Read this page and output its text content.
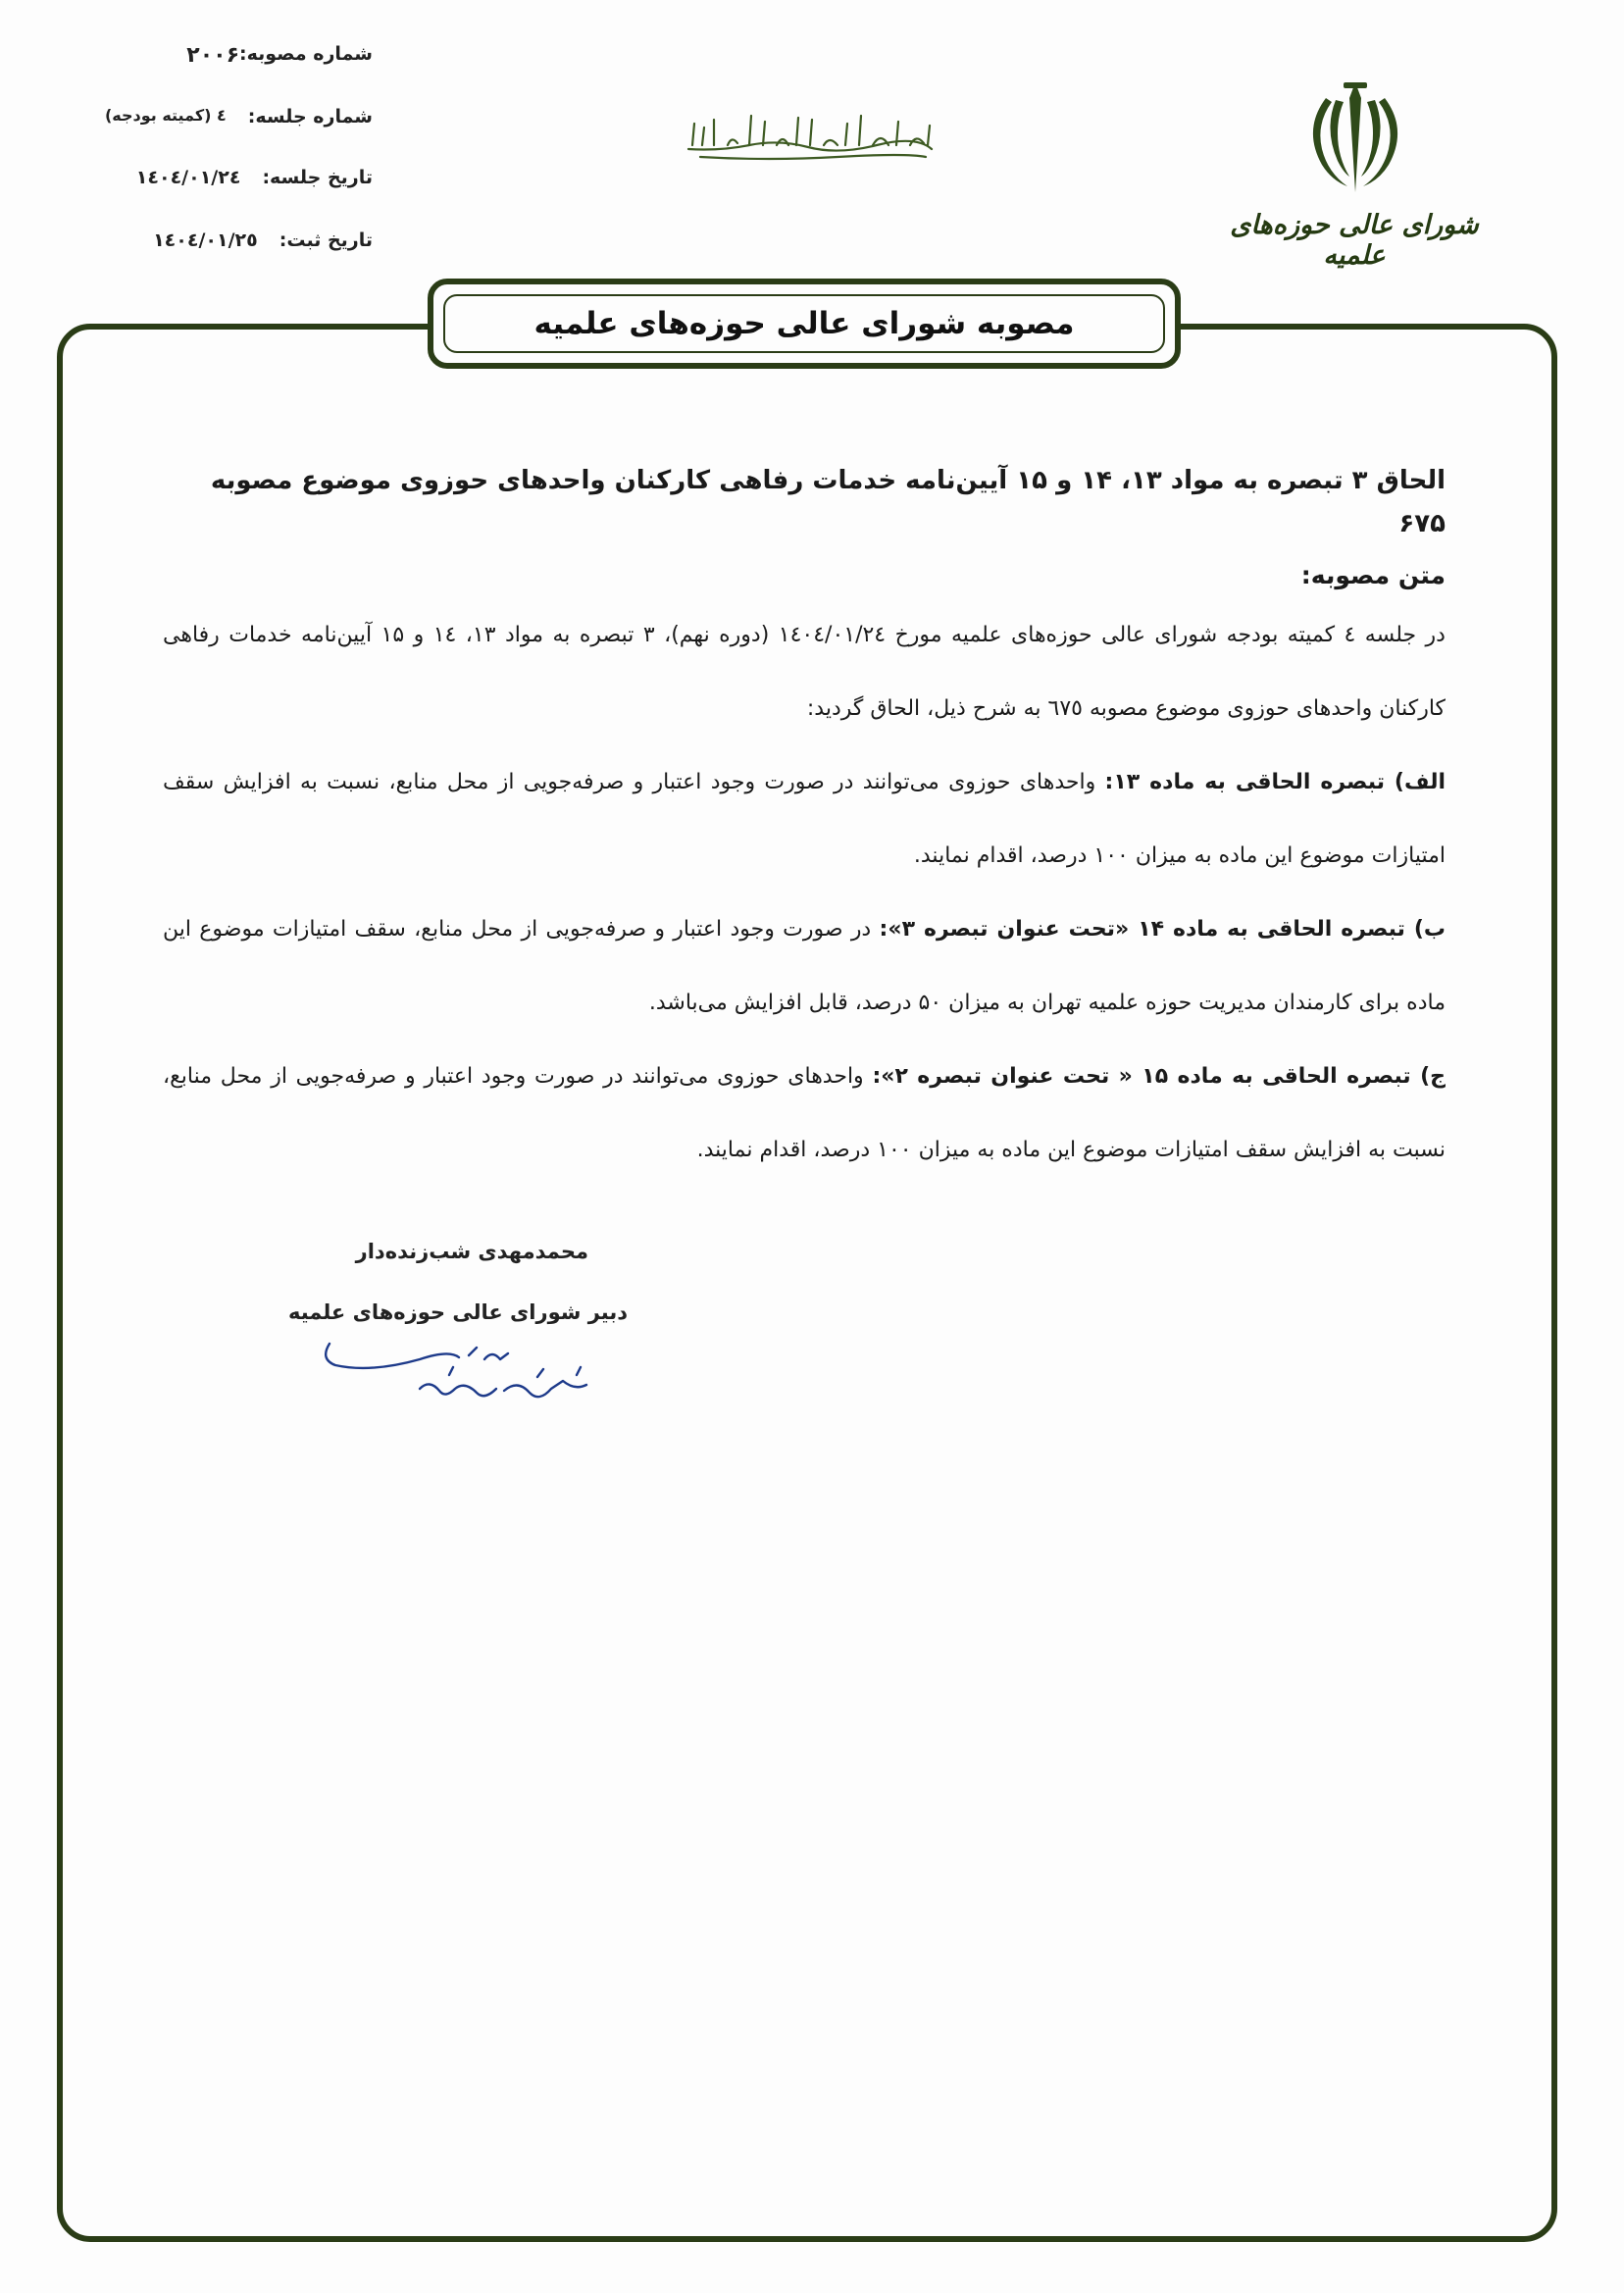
شماره مصوبه:
۲۰۰۶
شماره جلسه:
٤ (کمیته بودجه)
تاریخ جلسه:
١٤٠٤/٠١/٢٤
تاریخ ثبت:
١٤٠٤/٠١/٢٥	شورای عالی حوزه‌های علمیه
مصوبه شورای عالی حوزه‌های علمیه

الحاق ۳ تبصره به مواد ۱۳، ۱۴ و ۱۵ آیین‌نامه خدمات رفاهی کارکنان واحدهای حوزوی موضوع مصوبه ۶۷۵

متن مصوبه:

در جلسه ٤ کمیته بودجه شورای عالی حوزه‌های علمیه مورخ ١٤٠٤/٠١/٢٤ (دوره نهم)، ۳ تبصره به مواد ۱۳، ۱٤ و ۱۵ آیین‌نامه خدمات رفاهی کارکنان واحدهای حوزوی موضوع مصوبه ٦٧٥ به شرح ذیل، الحاق گردید:

الف) تبصره الحاقی به ماده ۱۳: واحدهای حوزوی می‌توانند در صورت وجود اعتبار و صرفه‌جویی از محل منابع، نسبت به افزایش سقف امتیازات موضوع این ماده به میزان ۱۰۰ درصد، اقدام نمایند.

ب) تبصره الحاقی به ماده ۱۴ «تحت عنوان تبصره ۳»: در صورت وجود اعتبار و صرفه‌جویی از محل منابع، سقف امتیازات موضوع این ماده برای کارمندان مدیریت حوزه علمیه تهران به میزان ۵۰ درصد، قابل افزایش می‌باشد.

ج) تبصره الحاقی به ماده ۱۵ « تحت عنوان تبصره ۲»: واحدهای حوزوی می‌توانند در صورت وجود اعتبار و صرفه‌جویی از محل منابع، نسبت به افزایش سقف امتیازات موضوع این ماده به میزان ۱۰۰ درصد، اقدام نمایند.

محمدمهدی شب‌زنده‌دار
دبیر شورای عالی حوزه‌های علمیه
